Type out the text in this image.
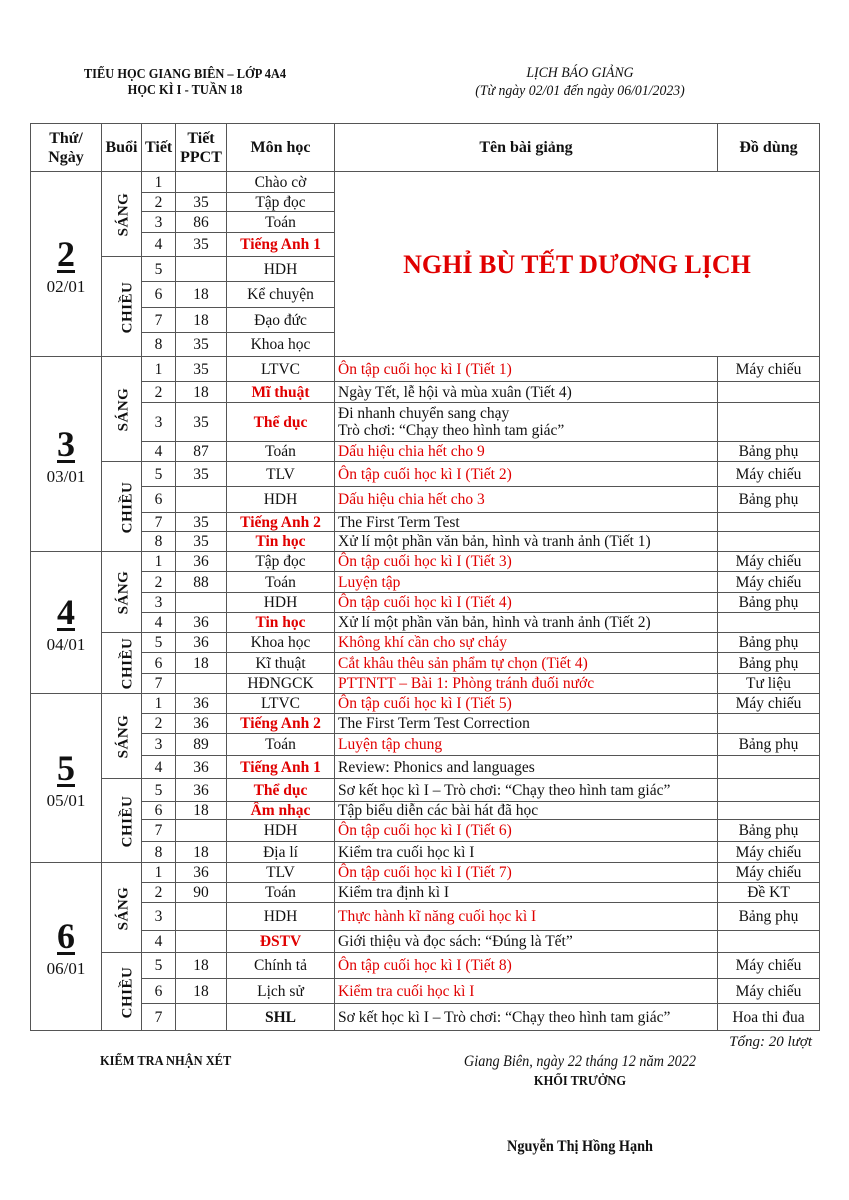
TIỂU HỌC GIANG BIÊN – LỚP 4A4
HỌC KÌ I - TUẦN 18
LỊCH BÁO GIẢNG
(Từ ngày 02/01 đến ngày 06/01/2023)
Thứ/ Ngày	Buổi	Tiết	Tiết PPCT	Môn học	Tên bài giảng	Đồ dùng

2
02/01	SÁNG	1		Chào cờ	NGHỈ BÙ TẾT DƯƠNG LỊCH	
		2	35	Tập đọc		
		3	86	Toán		
		4	35	Tiếng Anh 1		
	CHIỀU	5		HDH		
		6	18	Kể chuyện		
		7	18	Đạo đức		
		8	35	Khoa học		

3
03/01	SÁNG	1	35	LTVC	Ôn tập cuối học kì I (Tiết 1)	Máy chiếu
		2	18	Mĩ thuật	Ngày Tết, lễ hội và mùa xuân (Tiết 4)	

		3	35	Thể dục	Đi nhanh chuyển sang chạy
Trò chơi: “Chạy theo hình tam giác”	

		4	87	Toán	Dấu hiệu chia hết cho 9	Bảng phụ
	CHIỀU	5	35	TLV	Ôn tập cuối học kì I (Tiết 2)	Máy chiếu
		6		HDH	Dấu hiệu chia hết cho 3	Bảng phụ
		7	35	Tiếng Anh 2	The First Term Test	

		8	35	Tin học	Xử lí một phần văn bản, hình và tranh ảnh (Tiết 1)	

4
04/01	SÁNG	1	36	Tập đọc	Ôn tập cuối học kì I (Tiết 3)	Máy chiếu
		2	88	Toán	Luyện tập	Máy chiếu
		3		HDH	Ôn tập cuối học kì I (Tiết 4)	Bảng phụ
		4	36	Tin học	Xử lí một phần văn bản, hình và tranh ảnh (Tiết 2)	

	CHIỀU	5	36	Khoa học	Không khí cần cho sự cháy	Bảng phụ
		6	18	Kĩ thuật	Cắt khâu thêu sản phẩm tự chọn (Tiết 4)	Bảng phụ
		7		HĐNGCK	PTTNTT – Bài 1: Phòng tránh đuối nước	Tư liệu

5
05/01	SÁNG	1	36	LTVC	Ôn tập cuối học kì I (Tiết 5)	Máy chiếu
		2	36	Tiếng Anh 2	The First Term Test Correction	

		3	89	Toán	Luyện tập chung	Bảng phụ
		4	36	Tiếng Anh 1	Review: Phonics and languages	

	CHIỀU	5	36	Thể dục	Sơ kết học kì I – Trò chơi: “Chạy theo hình tam giác”	

		6	18	Âm nhạc	Tập biểu diễn các bài hát đã học	

		7		HDH	Ôn tập cuối học kì I (Tiết 6)	Bảng phụ
		8	18	Địa lí	Kiểm tra cuối học kì I	Máy chiếu

6
06/01	SÁNG	1	36	TLV	Ôn tập cuối học kì I (Tiết 7)	Máy chiếu
		2	90	Toán	Kiểm tra định kì I	Đề KT
		3		HDH	Thực hành kĩ năng cuối học kì I	Bảng phụ
		4		ĐSTV	Giới thiệu và đọc sách: “Đúng là Tết”	

	CHIỀU	5	18	Chính tả	Ôn tập cuối học kì I (Tiết 8)	Máy chiếu
		6	18	Lịch sử	Kiểm tra cuối học kì I	Máy chiếu
		7		SHL	Sơ kết học kì I – Trò chơi: “Chạy theo hình tam giác”	Hoa thi đua
Tổng: 20 lượt
KIỂM TRA NHẬN XÉT	Giang Biên, ngày 22 tháng 12 năm 2022
KHỐI TRƯỞNG
Nguyễn Thị Hồng Hạnh
